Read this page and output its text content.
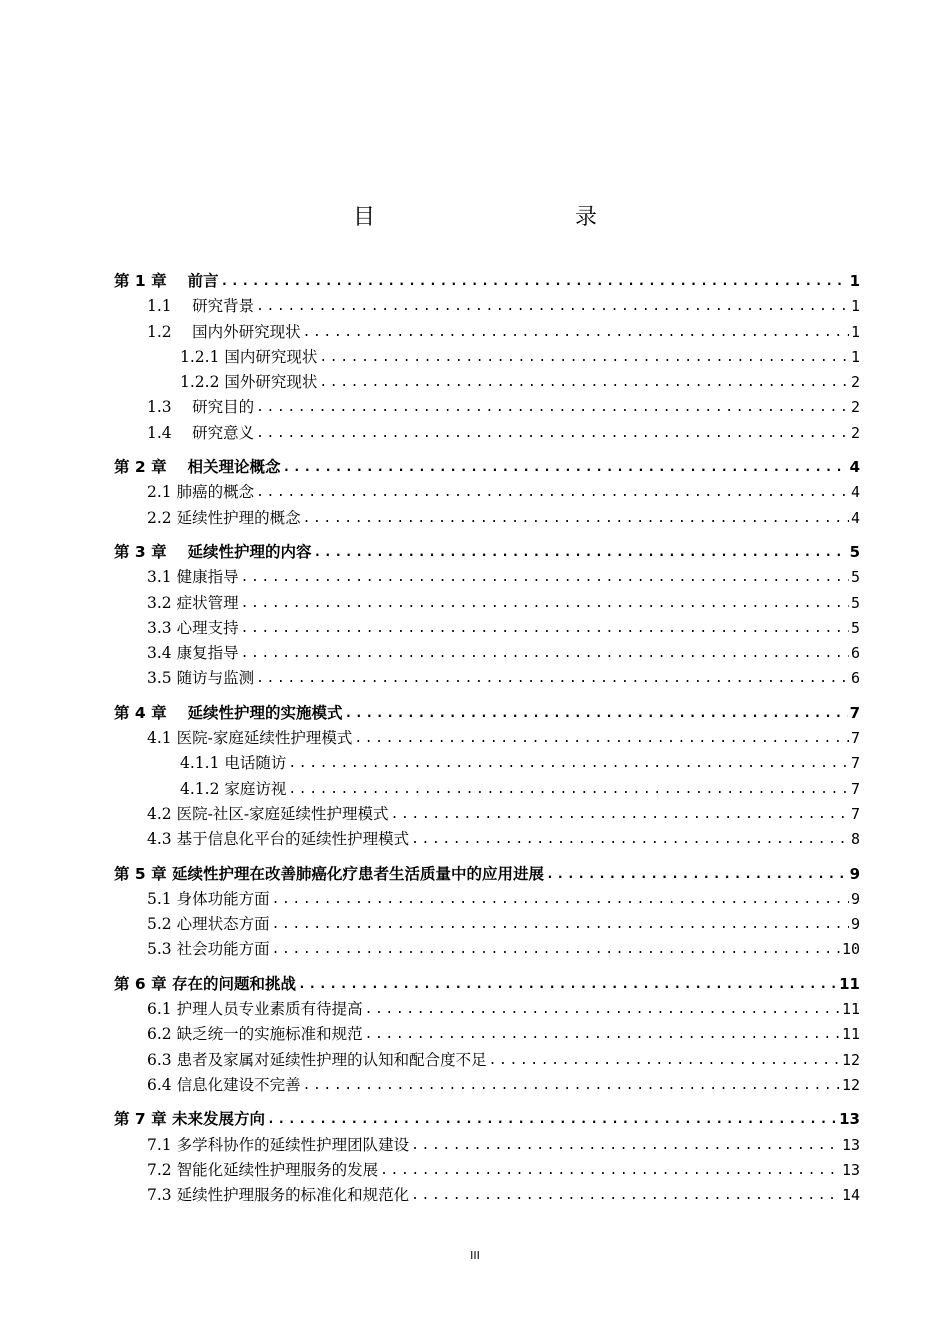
目　　录
第 1 章　 前言 .....	1
1.1　 研究背景 .....	1
1.2　 国内外研究现状 .....	1
1.2.1 国内研究现状 .....	1
1.2.2 国外研究现状 .....	2
1.3　 研究目的 .....	2
1.4　 研究意义 .....	2
第 2 章　 相关理论概念 .....	4
2.1 肺癌的概念 .....	4
2.2 延续性护理的概念 .....	4
第 3 章　 延续性护理的内容 .....	5
3.1 健康指导 .....	5
3.2 症状管理 .....	5
3.3 心理支持 .....	5
3.4 康复指导 .....	6
3.5 随访与监测 .....	6
第 4 章　 延续性护理的实施模式 .....	7
4.1 医院-家庭延续性护理模式 .....	7
4.1.1 电话随访 .....	7
4.1.2 家庭访视 .....	7
4.2 医院-社区-家庭延续性护理模式 .....	7
4.3 基于信息化平台的延续性护理模式 .....	8
第 5 章 延续性护理在改善肺癌化疗患者生活质量中的应用进展 .....	9
5.1 身体功能方面 .....	9
5.2 心理状态方面 .....	9
5.3 社会功能方面 .....	10
第 6 章 存在的问题和挑战 .....	11
6.1 护理人员专业素质有待提高 .....	11
6.2 缺乏统一的实施标准和规范 .....	11
6.3 患者及家属对延续性护理的认知和配合度不足 .....	12
6.4 信息化建设不完善 .....	12
第 7 章 未来发展方向 .....	13
7.1 多学科协作的延续性护理团队建设 .....	13
7.2 智能化延续性护理服务的发展 .....	13
7.3 延续性护理服务的标准化和规范化 .....	14
III
